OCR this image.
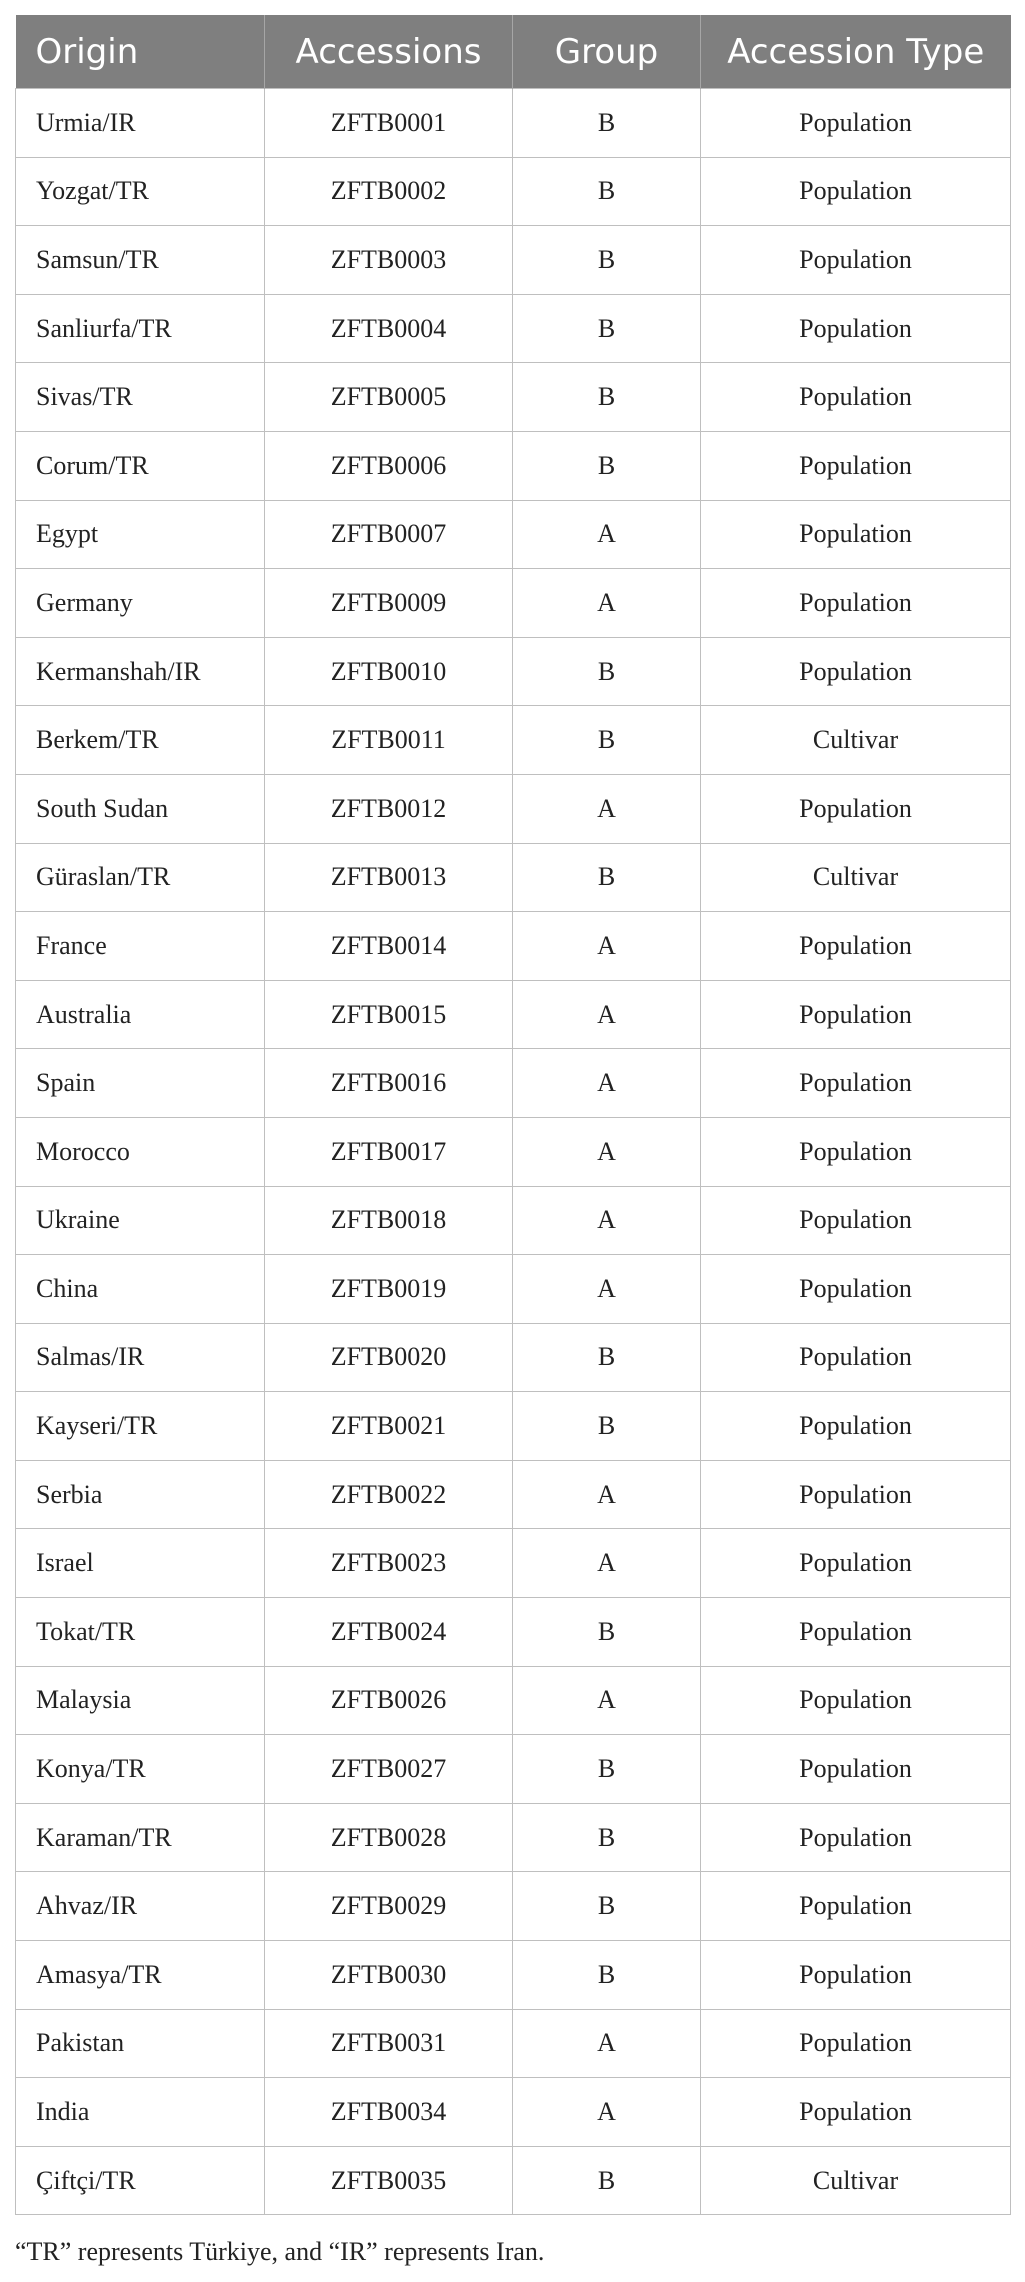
Origin	Accessions	Group	Accession Type
Urmia/IR	ZFTB0001	B	Population
Yozgat/TR	ZFTB0002	B	Population
Samsun/TR	ZFTB0003	B	Population
Sanliurfa/TR	ZFTB0004	B	Population
Sivas/TR	ZFTB0005	B	Population
Corum/TR	ZFTB0006	B	Population
Egypt	ZFTB0007	A	Population
Germany	ZFTB0009	A	Population
Kermanshah/IR	ZFTB0010	B	Population
Berkem/TR	ZFTB0011	B	Cultivar
South Sudan	ZFTB0012	A	Population
Güraslan/TR	ZFTB0013	B	Cultivar
France	ZFTB0014	A	Population
Australia	ZFTB0015	A	Population
Spain	ZFTB0016	A	Population
Morocco	ZFTB0017	A	Population
Ukraine	ZFTB0018	A	Population
China	ZFTB0019	A	Population
Salmas/IR	ZFTB0020	B	Population
Kayseri/TR	ZFTB0021	B	Population
Serbia	ZFTB0022	A	Population
Israel	ZFTB0023	A	Population
Tokat/TR	ZFTB0024	B	Population
Malaysia	ZFTB0026	A	Population
Konya/TR	ZFTB0027	B	Population
Karaman/TR	ZFTB0028	B	Population
Ahvaz/IR	ZFTB0029	B	Population
Amasya/TR	ZFTB0030	B	Population
Pakistan	ZFTB0031	A	Population
India	ZFTB0034	A	Population
Çiftçi/TR	ZFTB0035	B	Cultivar
“TR” represents Türkiye, and “IR” represents Iran.
